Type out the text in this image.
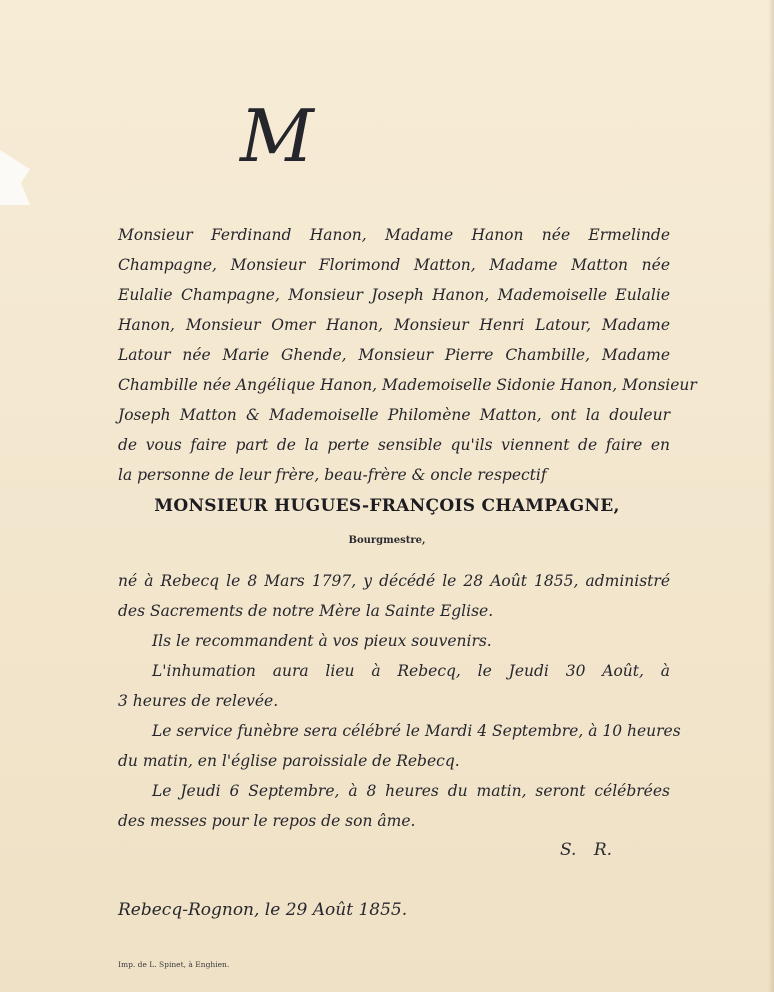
M
Monsieur Ferdinand Hanon, Madame Hanon née Ermelinde
Champagne, Monsieur Florimond Matton, Madame Matton née
Eulalie Champagne, Monsieur Joseph Hanon, Mademoiselle Eulalie
Hanon, Monsieur Omer Hanon, Monsieur Henri Latour, Madame
Latour née Marie Ghende, Monsieur Pierre Chambille, Madame
Chambille née Angélique Hanon, Mademoiselle Sidonie Hanon, Monsieur
Joseph Matton & Mademoiselle Philomène Matton, ont la douleur
de vous faire part de la perte sensible qu'ils viennent de faire en
la personne de leur frère, beau-frère & oncle respectif
MONSIEUR HUGUES-FRANÇOIS CHAMPAGNE,
Bourgmestre,
né à Rebecq le 8 Mars 1797, y décédé le 28 Août 1855, administré
des Sacrements de notre Mère la Sainte Eglise.
Ils le recommandent à vos pieux souvenirs.
L'inhumation aura lieu à Rebecq, le Jeudi 30 Août, à
3 heures de relevée.
Le service funèbre sera célébré le Mardi 4 Septembre, à 10 heures
du matin, en l'église paroissiale de Rebecq.
Le Jeudi 6 Septembre, à 8 heures du matin, seront célébrées
des messes pour le repos de son âme.
S. R.
Rebecq-Rognon, le 29 Août 1855.
Imp. de L. Spinet, à Enghien.
